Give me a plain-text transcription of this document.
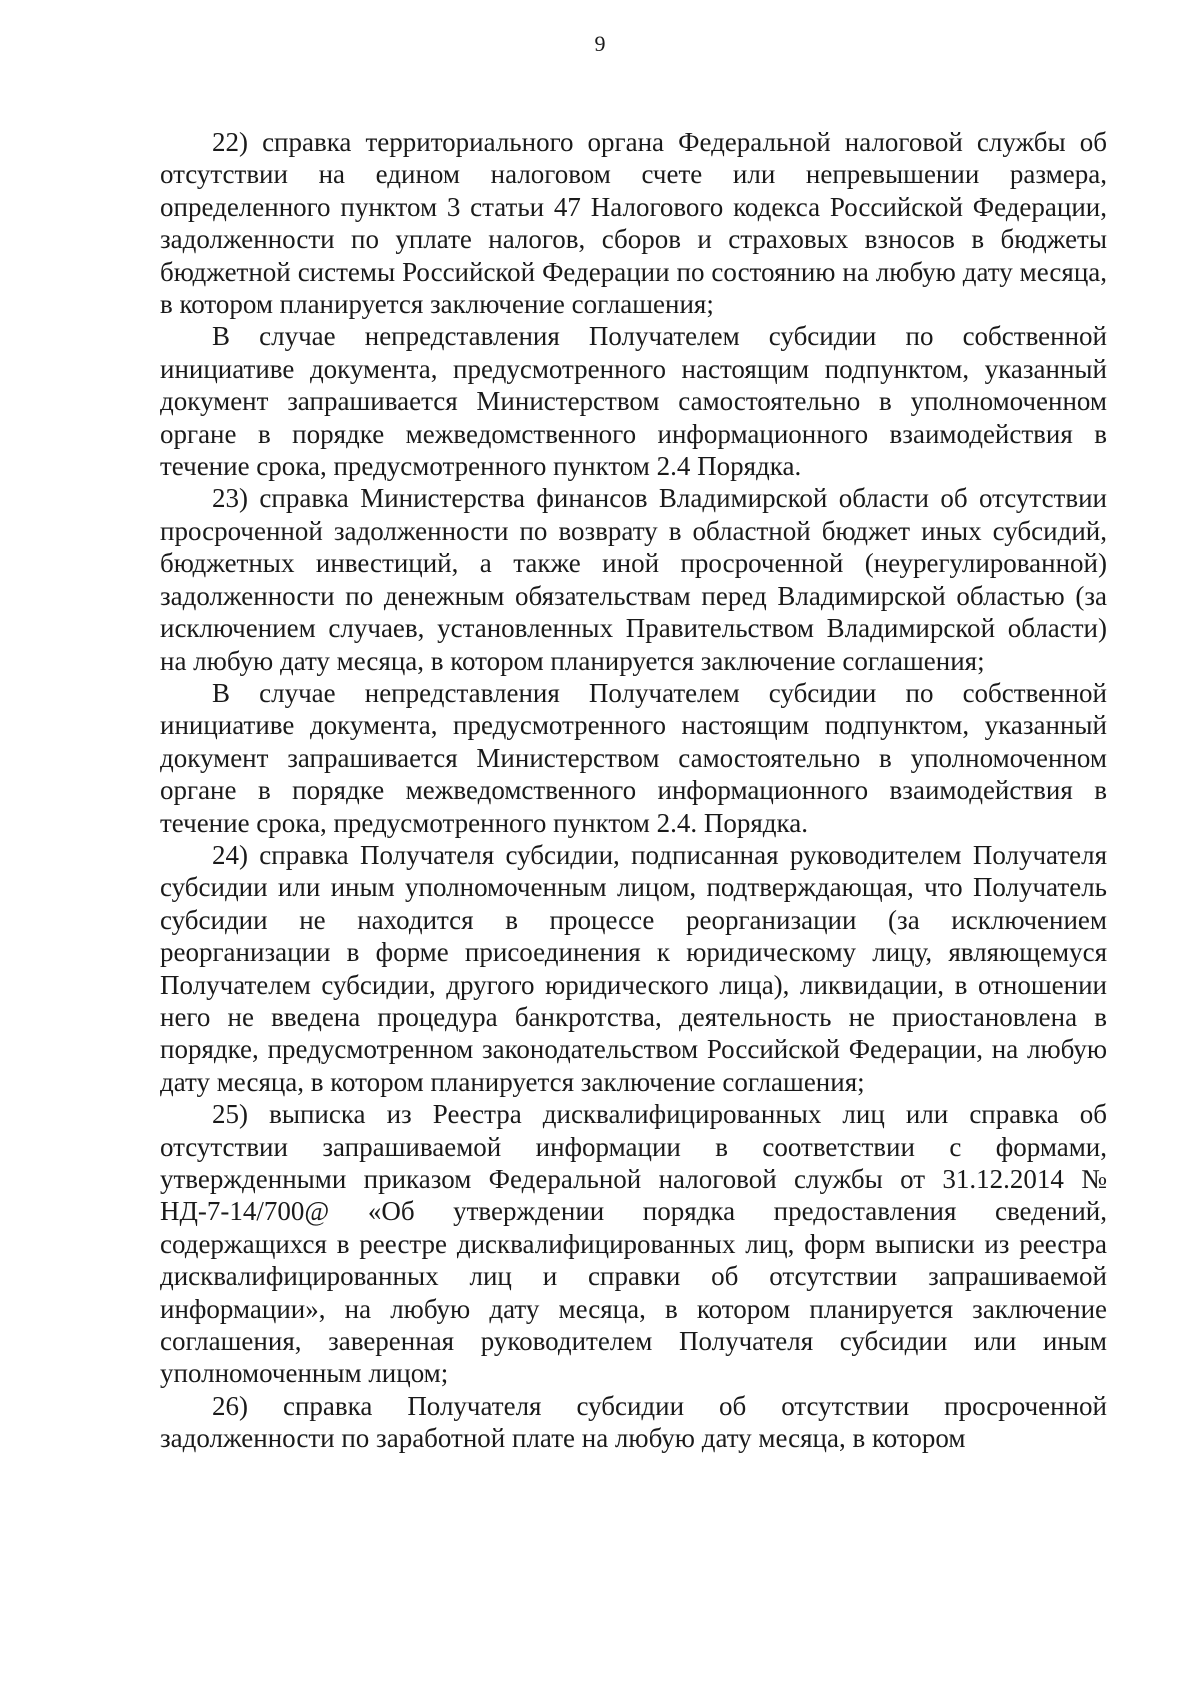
9

22) справка территориального органа Федеральной налоговой службы об отсутствии на едином налоговом счете или непревышении размера, определенного пунктом 3 статьи 47 Налогового кодекса Российской Федерации, задолженности по уплате налогов, сборов и страховых взносов в бюджеты бюджетной системы Российской Федерации по состоянию на любую дату месяца, в котором планируется заключение соглашения;

В случае непредставления Получателем субсидии по собственной инициативе документа, предусмотренного настоящим подпунктом, указанный документ запрашивается Министерством самостоятельно в уполномоченном органе в порядке межведомственного информационного взаимодействия в течение срока, предусмотренного пунктом 2.4 Порядка.

23) справка Министерства финансов Владимирской области об отсутствии просроченной задолженности по возврату в областной бюджет иных субсидий, бюджетных инвестиций, а также иной просроченной (неурегулированной) задолженности по денежным обязательствам перед Владимирской областью (за исключением случаев, установленных Правительством Владимирской области) на любую дату месяца, в котором планируется заключение соглашения;

В случае непредставления Получателем субсидии по собственной инициативе документа, предусмотренного настоящим подпунктом, указанный документ запрашивается Министерством самостоятельно в уполномоченном органе в порядке межведомственного информационного взаимодействия в течение срока, предусмотренного пунктом 2.4. Порядка.

24) справка Получателя субсидии, подписанная руководителем Получателя субсидии или иным уполномоченным лицом, подтверждающая, что Получатель субсидии не находится в процессе реорганизации (за исключением реорганизации в форме присоединения к юридическому лицу, являющемуся Получателем субсидии, другого юридического лица), ликвидации, в отношении него не введена процедура банкротства, деятельность не приостановлена в порядке, предусмотренном законодательством Российской Федерации, на любую дату месяца, в котором планируется заключение соглашения;

25) выписка из Реестра дисквалифицированных лиц или справка об отсутствии запрашиваемой информации в соответствии с формами, утвержденными приказом Федеральной налоговой службы от 31.12.2014 № НД-7-14/700@ «Об утверждении порядка предоставления сведений, содержащихся в реестре дисквалифицированных лиц, форм выписки из реестра дисквалифицированных лиц и справки об отсутствии запрашиваемой информации», на любую дату месяца, в котором планируется заключение соглашения, заверенная руководителем Получателя субсидии или иным уполномоченным лицом;

26) справка Получателя субсидии об отсутствии просроченной задолженности по заработной плате на любую дату месяца, в котором
